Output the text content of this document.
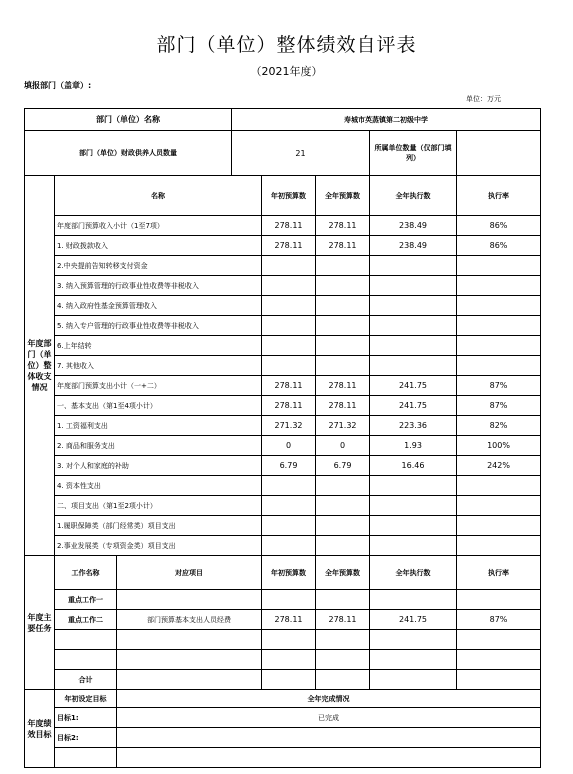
部门（单位）整体绩效自评表
（2021年度）
填报部门（盖章）:
单位：万元
部门（单位）名称			寿城市英蒸镇第二初级中学				
部门（单位）财政供养人员数量			21			所属单位数量（仅部门填列）	
年度部门（单位）整体收支情况	名称			年初预算数	全年预算数	全年执行数	执行率
	年度部门预算收入小计（1至7项）			278.11	278.11	238.49	86%
	1. 财政拨款收入			278.11	278.11	238.49	86%
	2.中央提前告知转移支付资金						
	3. 纳入预算管理的行政事业性收费等非税收入						
	4. 纳入政府性基金预算管理收入						
	5. 纳入专户管理的行政事业性收费等非税收入						
	6.上年结转						
	7. 其他收入						
	年度部门预算支出小计（一+二）			278.11	278.11	241.75	87%
	一、基本支出（第1至4项小计）			278.11	278.11	241.75	87%
	1. 工资福利支出			271.32	271.32	223.36	82%
	2. 商品和服务支出			0	0	1.93	100%
	3. 对个人和家庭的补助			6.79	6.79	16.46	242%
	4. 资本性支出						
	二、项目支出（第1至2项小计）						
	1.履职保障类（部门经常类）项目支出						
	2.事业发展类（专项资金类）项目支出						
年度主要任务	工作名称	对应项目		年初预算数	全年预算数	全年执行数	执行率
	重点工作一						
	重点工作二	部门预算基本支出人员经费		278.11	278.11	241.75	87%

	合计						
年度绩效目标	年初设定目标	全年完成情况					
	目标1:	已完成					
	目标2:						
